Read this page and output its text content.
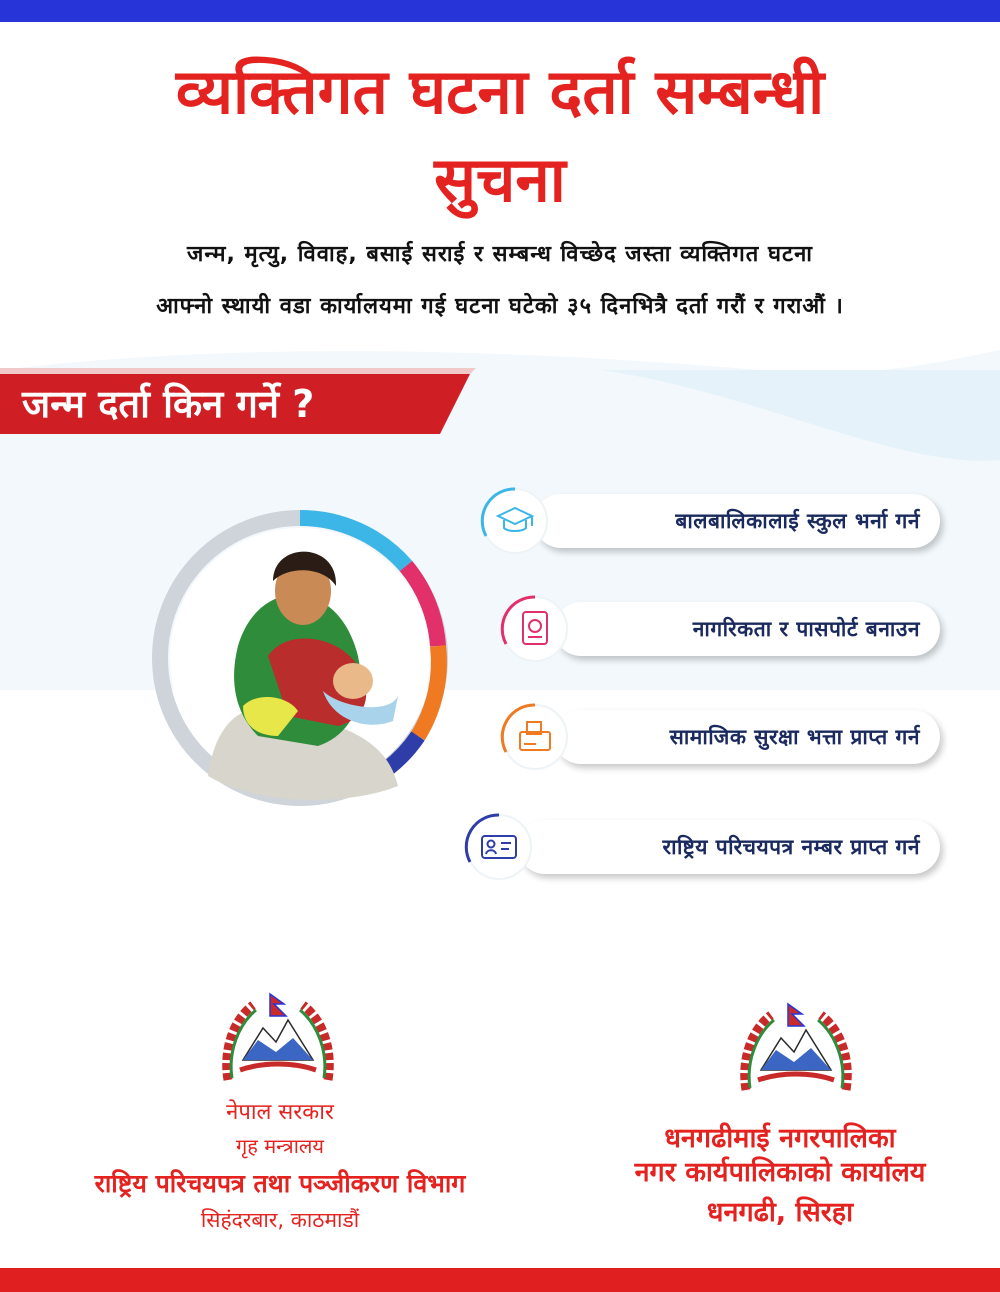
व्यक्तिगत घटना दर्ता सम्बन्धी
सुचना
जन्म, मृत्यु, विवाह, बसाई सराई र सम्बन्ध विच्छेद जस्ता व्यक्तिगत घटना
आफ्नो स्थायी वडा कार्यालयमा गई घटना घटेको ३५ दिनभित्रै दर्ता गरौं र गराऔं ।
जन्म दर्ता किन गर्ने ?
बालबालिकालाई स्कुल भर्ना गर्न
नागरिकता र पासपोर्ट बनाउन
सामाजिक सुरक्षा भत्ता प्राप्त गर्न
राष्ट्रिय परिचयपत्र नम्बर प्राप्त गर्न

नेपाल सरकार

गृह मन्त्रालय

राष्ट्रिय परिचयपत्र तथा पञ्जीकरण विभाग

सिहंदरबार, काठमाडौं

धनगढीमाई नगरपालिका

नगर कार्यपालिकाको कार्यालय

धनगढी, सिरहा
